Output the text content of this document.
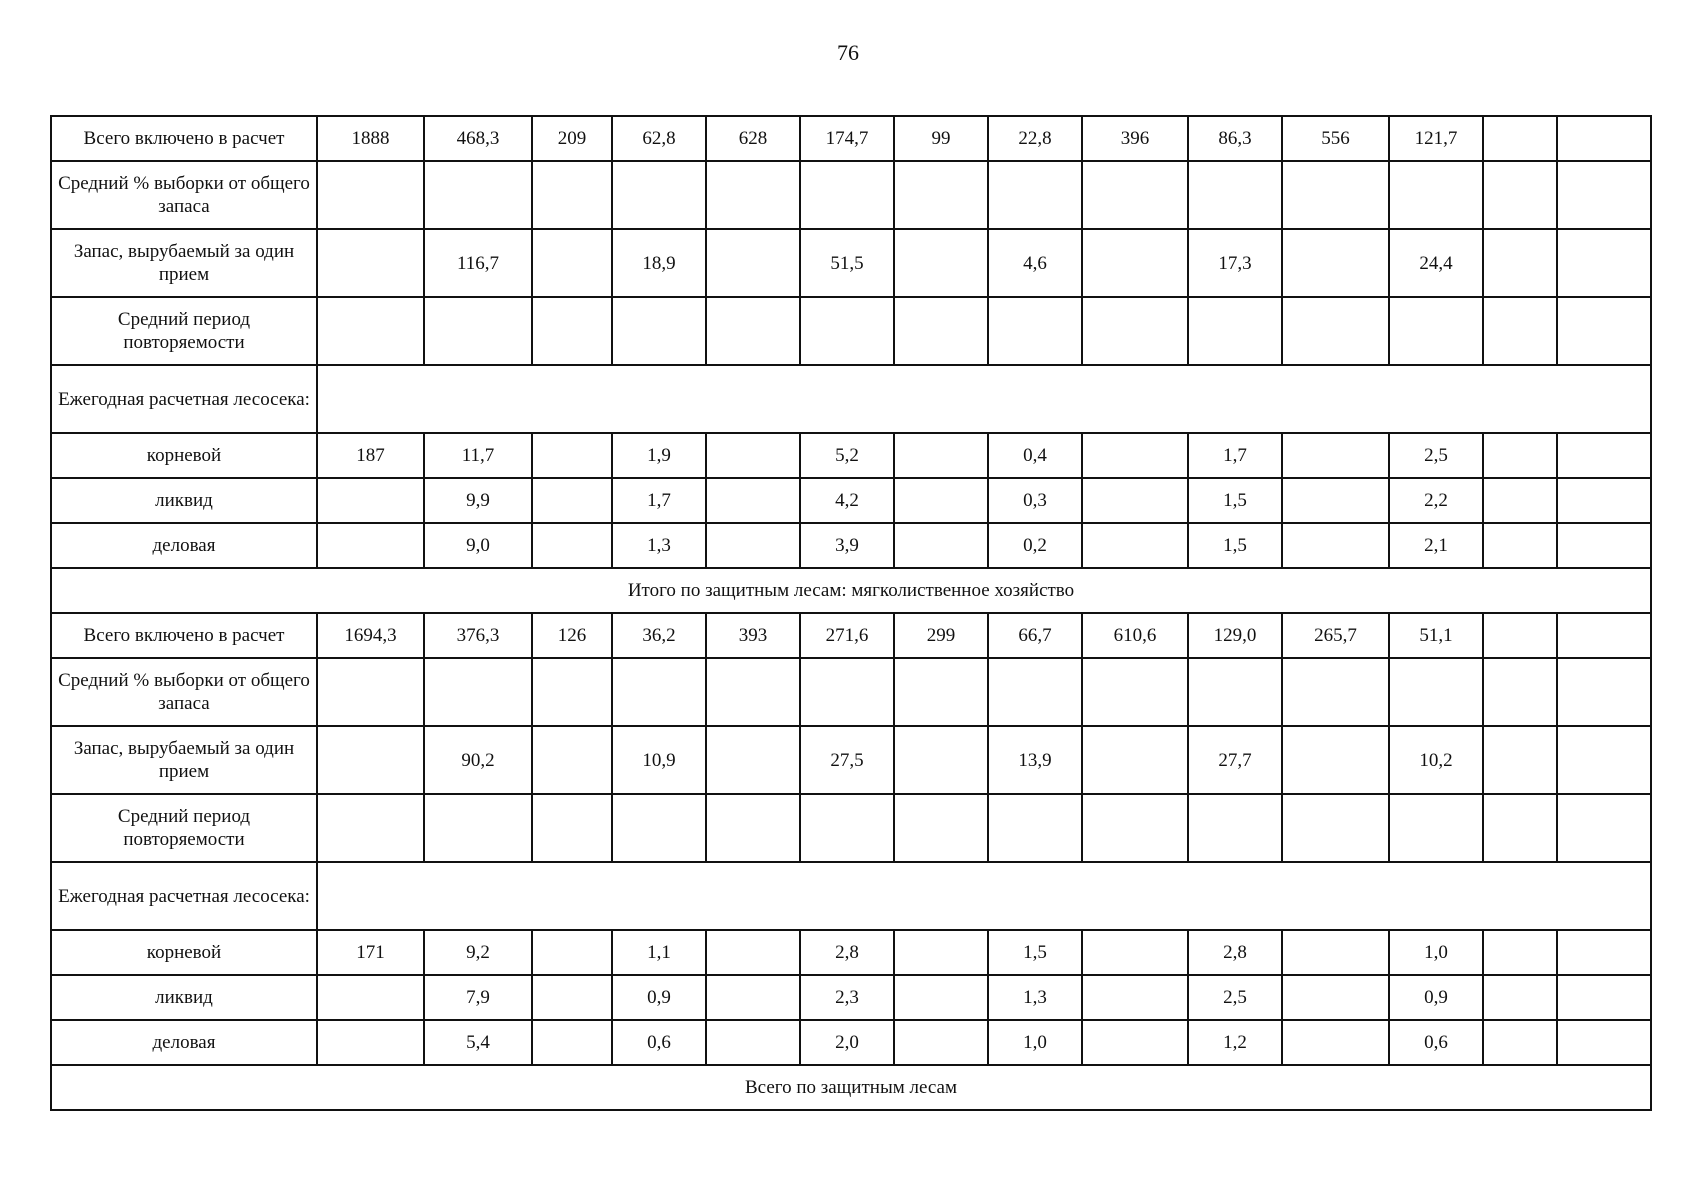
76
Всего включено в расчет	1888	468,3	209	62,8	628	174,7	99	22,8	396	86,3	556	121,7		
Средний % выборки от общего запаса														
Запас, вырубаемый за один прием		116,7		18,9		51,5		4,6		17,3		24,4		
Средний период повторяемости														
Ежегодная расчетная лесосека:														
корневой	187	11,7		1,9		5,2		0,4		1,7		2,5		
ликвид		9,9		1,7		4,2		0,3		1,5		2,2		
деловая		9,0		1,3		3,9		0,2		1,5		2,1		
Итого по защитным лесам: мягколиственное хозяйство														
Всего включено в расчет	1694,3	376,3	126	36,2	393	271,6	299	66,7	610,6	129,0	265,7	51,1		
Средний % выборки от общего запаса														
Запас, вырубаемый за один прием		90,2		10,9		27,5		13,9		27,7		10,2		
Средний период повторяемости														
Ежегодная расчетная лесосека:														
корневой	171	9,2		1,1		2,8		1,5		2,8		1,0		
ликвид		7,9		0,9		2,3		1,3		2,5		0,9		
деловая		5,4		0,6		2,0		1,0		1,2		0,6		
Всего по защитным лесам														
